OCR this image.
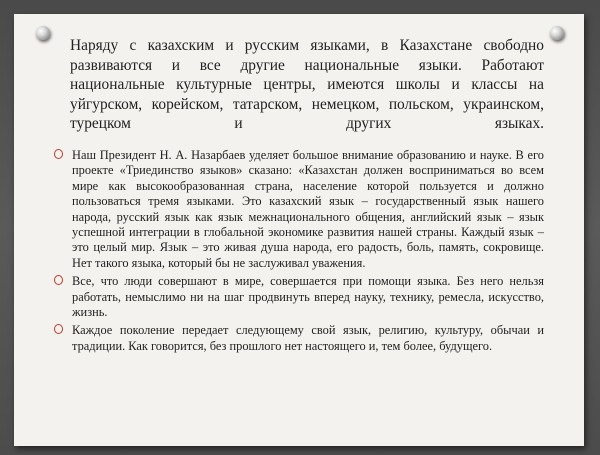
Наряду с казахским и русским языками, в Казахстане свободно развиваются и все другие национальные языки. Работают национальные культурные центры, имеются школы и классы на уйгурском, корейском, татарском, немецком, польском, украинском, турецком и других языках.

Наш Президент Н. А. Назарбаев уделяет большое внимание образованию и науке. В его проекте «Триединство языков» сказано: «Казахстан должен восприниматься во всем мире как высокообразованная страна, население которой пользуется и должно пользоваться тремя языками. Это казахский язык – государственный язык нашего народа, русский язык как язык межнационального общения, английский язык – язык успешной интеграции в глобальной экономике развития нашей страны. Каждый язык – это целый мир. Язык – это живая душа народа, его радость, боль, память, сокровище. Нет такого языка, который бы не заслуживал уважения.
Все, что люди совершают в мире, совершается при помощи языка. Без него нельзя работать, немыслимо ни на шаг продвинуть вперед науку, технику, ремесла, искусство, жизнь.
Каждое поколение передает следующему свой язык, религию, культуру, обычаи и традиции. Как говорится, без прошлого нет настоящего и, тем более, будущего.
